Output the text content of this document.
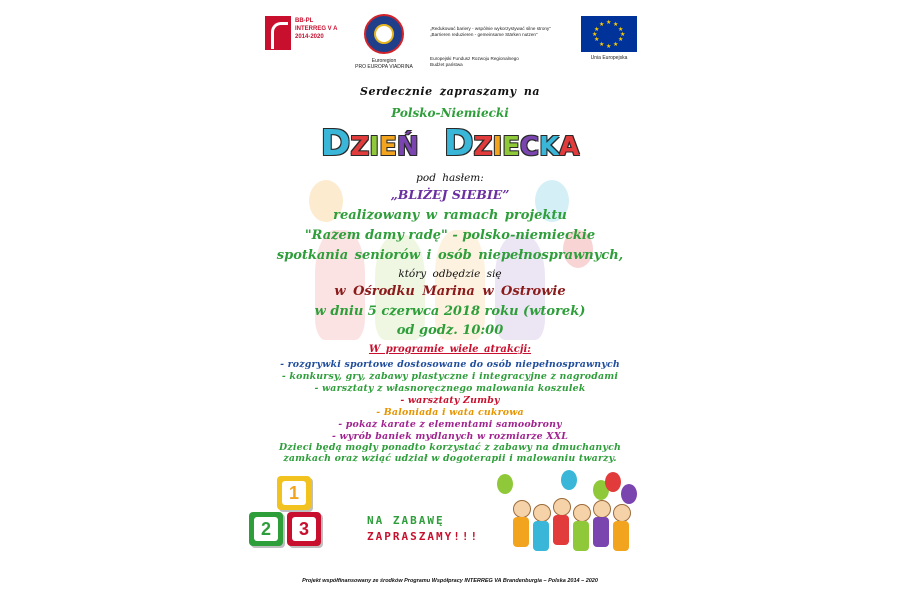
BB-PL
INTERREG V A
2014-2020
Euroregion
PRO EUROPA VIADRINA
„Redukować bariery - wspólnie wykorzystywać silne strony”
„Barrieren reduzieren - gemeinsame Stärken nutzen”
Europejski Fundusz Rozwoju Regionalnego
Budżet państwa
★ ★
★
★
★
★
★
★
★
★
★
★
Unia Europejska
Serdecznie zapraszamy na
Polsko-Niemiecki
DZIEŃ DZIECKA
pod hasłem:
„BLIŻEJ SIEBIE”
realizowany w ramach projektu
"Razem damy radę" - polsko-niemieckie
spotkania seniorów i osób niepełnosprawnych,
który odbędzie się
w Ośrodku Marina w Ostrowie
w dniu 5 czerwca 2018 roku (wtorek)
od godz. 10:00
W programie wiele atrakcji:
- rozgrywki sportowe dostosowane do osób niepełnosprawnych
- konkursy, gry, zabawy plastyczne i integracyjne z nagrodami
- warsztaty z własnoręcznego malowania koszulek
- warsztaty Zumby
- Baloniada i wata cukrowa
- pokaz karate z elementami samoobrony
- wyrób baniek mydlanych w rozmiarze XXL
Dzieci będą mogły ponadto korzystać z zabawy na dmuchanych
zamkach oraz wziąć udział w dogoterapii i malowaniu twarzy.
1
2	3	NA ZABAWĘ
ZAPRASZAMY!!!
Projekt współfinansowany ze środków Programu Współpracy INTERREG VA Brandenburgia – Polska 2014 – 2020
